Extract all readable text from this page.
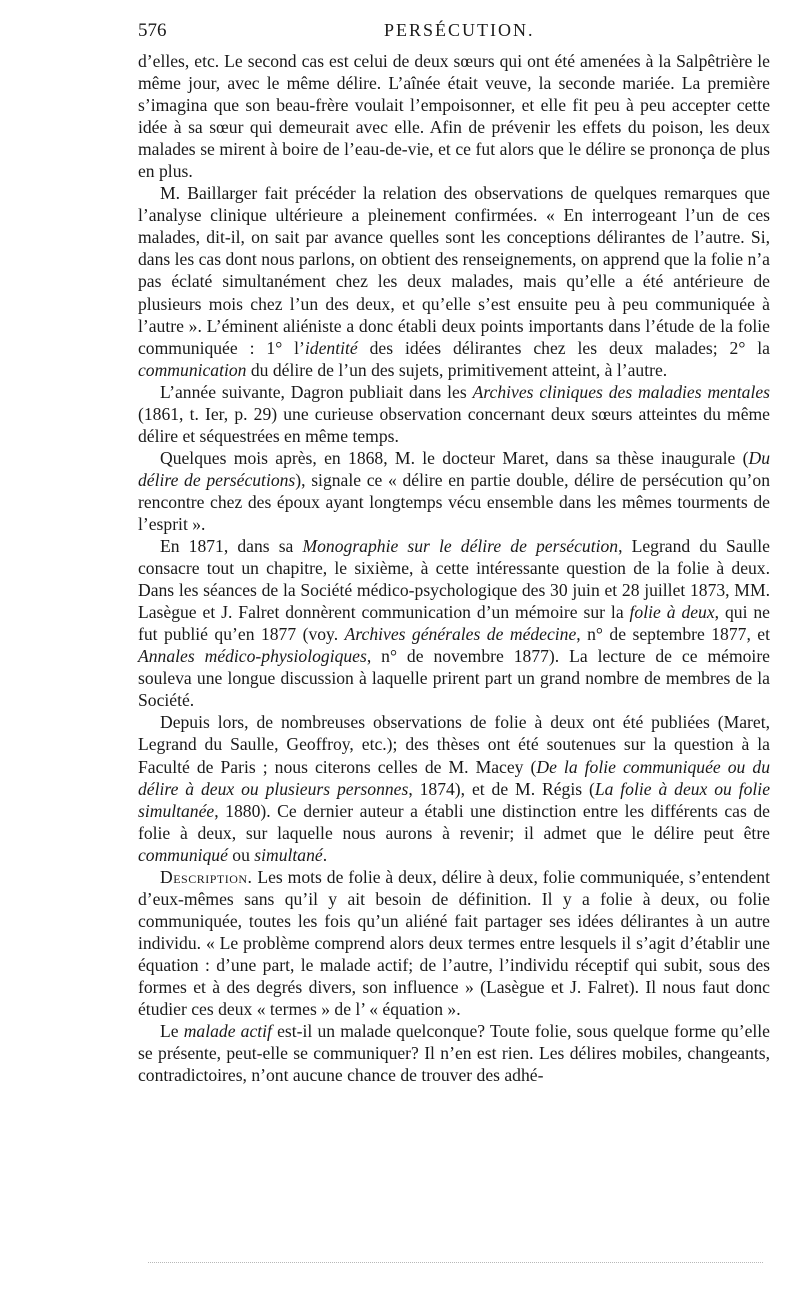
576	PERSÉCUTION.

d’elles, etc. Le second cas est celui de deux sœurs qui ont été amenées à la Salpêtrière le même jour, avec le même délire. L’aînée était veuve, la seconde mariée. La première s’imagina que son beau-frère voulait l’empoisonner, et elle fit peu à peu accepter cette idée à sa sœur qui demeurait avec elle. Afin de prévenir les effets du poison, les deux malades se mirent à boire de l’eau-de-vie, et ce fut alors que le délire se prononça de plus en plus.

M. Baillarger fait précéder la relation des observations de quelques remarques que l’analyse clinique ultérieure a pleinement confirmées. « En interrogeant l’un de ces malades, dit-il, on sait par avance quelles sont les conceptions délirantes de l’autre. Si, dans les cas dont nous parlons, on obtient des renseignements, on apprend que la folie n’a pas éclaté simultanément chez les deux malades, mais qu’elle a été antérieure de plusieurs mois chez l’un des deux, et qu’elle s’est ensuite peu à peu communiquée à l’autre ». L’éminent aliéniste a donc établi deux points importants dans l’étude de la folie communiquée : 1° l’identité des idées délirantes chez les deux malades; 2° la communication du délire de l’un des sujets, primitivement atteint, à l’autre.

L’année suivante, Dagron publiait dans les Archives cliniques des maladies mentales (1861, t. Ier, p. 29) une curieuse observation concernant deux sœurs atteintes du même délire et séquestrées en même temps.

Quelques mois après, en 1868, M. le docteur Maret, dans sa thèse inaugurale (Du délire de persécutions), signale ce « délire en partie double, délire de persécution qu’on rencontre chez des époux ayant longtemps vécu ensemble dans les mêmes tourments de l’esprit ».

En 1871, dans sa Monographie sur le délire de persécution, Legrand du Saulle consacre tout un chapitre, le sixième, à cette intéressante question de la folie à deux. Dans les séances de la Société médico-psychologique des 30 juin et 28 juillet 1873, MM. Lasègue et J. Falret donnèrent communication d’un mémoire sur la folie à deux, qui ne fut publié qu’en 1877 (voy. Archives générales de médecine, n° de septembre 1877, et Annales médico-physiologiques, n° de novembre 1877). La lecture de ce mémoire souleva une longue discussion à laquelle prirent part un grand nombre de membres de la Société.

Depuis lors, de nombreuses observations de folie à deux ont été publiées (Maret, Legrand du Saulle, Geoffroy, etc.); des thèses ont été soutenues sur la question à la Faculté de Paris ; nous citerons celles de M. Macey (De la folie communiquée ou du délire à deux ou plusieurs personnes, 1874), et de M. Régis (La folie à deux ou folie simultanée, 1880). Ce dernier auteur a établi une distinction entre les différents cas de folie à deux, sur laquelle nous aurons à revenir; il admet que le délire peut être communiqué ou simultané.

Description. Les mots de folie à deux, délire à deux, folie communiquée, s’entendent d’eux-mêmes sans qu’il y ait besoin de définition. Il y a folie à deux, ou folie communiquée, toutes les fois qu’un aliéné fait partager ses idées délirantes à un autre individu. « Le problème comprend alors deux termes entre lesquels il s’agit d’établir une équation : d’une part, le malade actif; de l’autre, l’individu réceptif qui subit, sous des formes et à des degrés divers, son influence » (Lasègue et J. Falret). Il nous faut donc étudier ces deux « termes » de l’ « équation ».

Le malade actif est-il un malade quelconque? Toute folie, sous quelque forme qu’elle se présente, peut-elle se communiquer? Il n’en est rien. Les délires mobiles, changeants, contradictoires, n’ont aucune chance de trouver des adhé-
